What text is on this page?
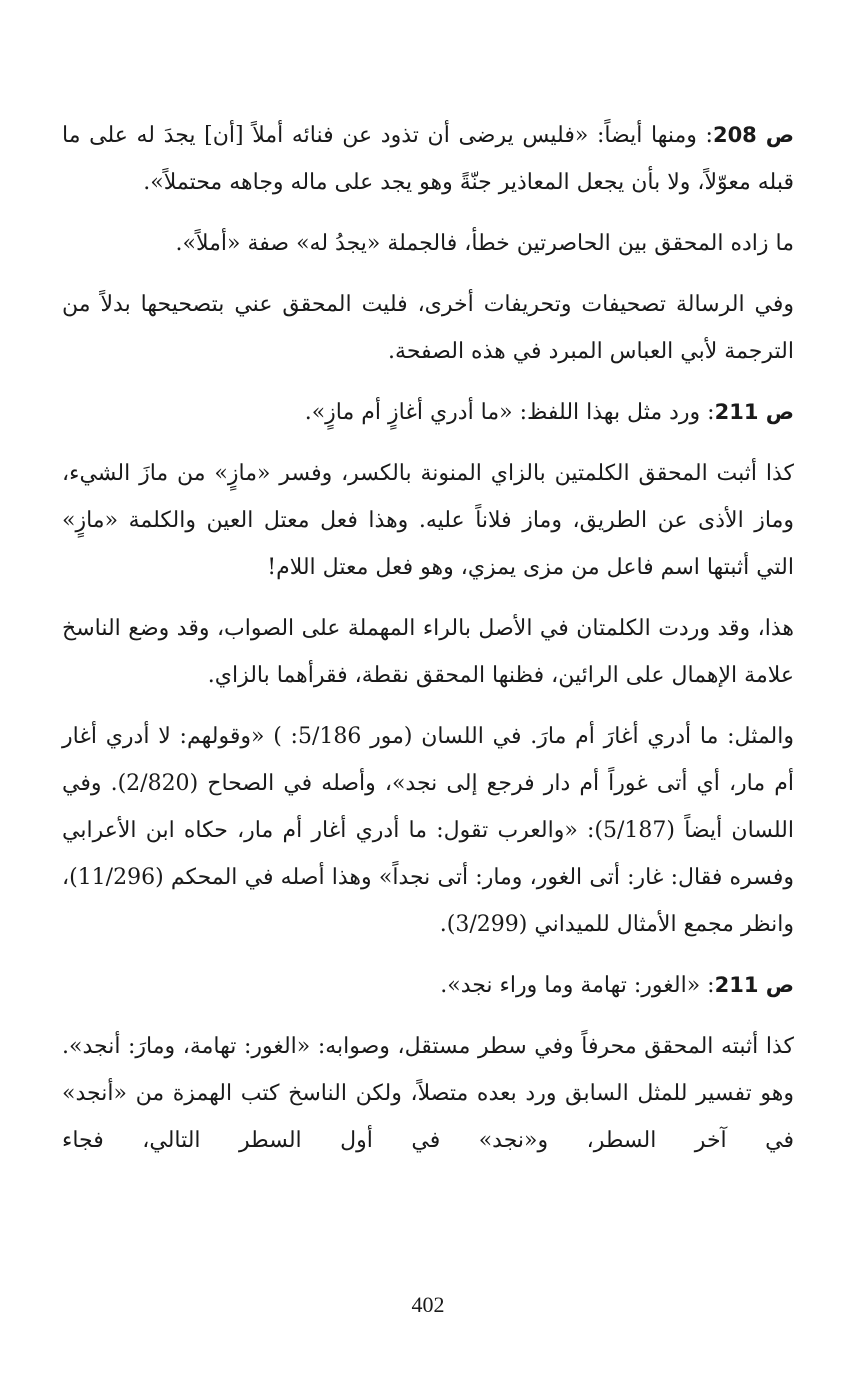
ص 208: ومنها أيضاً: «فليس يرضى أن تذود عن فنائه أملاً [أن] يجدَ له على ما قبله معوّلاً، ولا بأن يجعل المعاذير جنّةً وهو يجد على ماله وجاهه محتملاً».

ما زاده المحقق بين الحاصرتين خطأ، فالجملة «يجدُ له» صفة «أملاً».

وفي الرسالة تصحيفات وتحريفات أخرى، فليت المحقق عني بتصحيحها بدلاً من الترجمة لأبي العباس المبرد في هذه الصفحة.

ص 211: ورد مثل بهذا اللفظ: «ما أدري أغازٍ أم مازٍ».

كذا أثبت المحقق الكلمتين بالزاي المنونة بالكسر، وفسر «مازٍ» من مازَ الشيء، وماز الأذى عن الطريق، وماز فلاناً عليه. وهذا فعل معتل العين والكلمة «مازٍ» التي أثبتها اسم فاعل من مزى يمزي، وهو فعل معتل اللام!

هذا، وقد وردت الكلمتان في الأصل بالراء المهملة على الصواب، وقد وضع الناسخ علامة الإهمال على الرائين، فظنها المحقق نقطة، فقرأهما بالزاي.

والمثل: ما أدري أغارَ أم مارَ. في اللسان (مور 5/186: ) «وقولهم: لا أدري أغار أم مار، أي أتى غوراً أم دار فرجع إلى نجد»، وأصله في الصحاح (2/820). وفي اللسان أيضاً (5/187): «والعرب تقول: ما أدري أغار أم مار، حكاه ابن الأعرابي وفسره فقال: غار: أتى الغور، ومار: أتى نجداً» وهذا أصله في المحكم (11/296)، وانظر مجمع الأمثال للميداني (3/299).

ص 211: «الغور: تهامة وما وراء نجد».

كذا أثبته المحقق محرفاً وفي سطر مستقل، وصوابه: «الغور: تهامة، ومارَ: أنجد». وهو تفسير للمثل السابق ورد بعده متصلاً، ولكن الناسخ كتب الهمزة من «أنجد» في آخر السطر، و«نجد» في أول السطر التالي، فجاء

402
